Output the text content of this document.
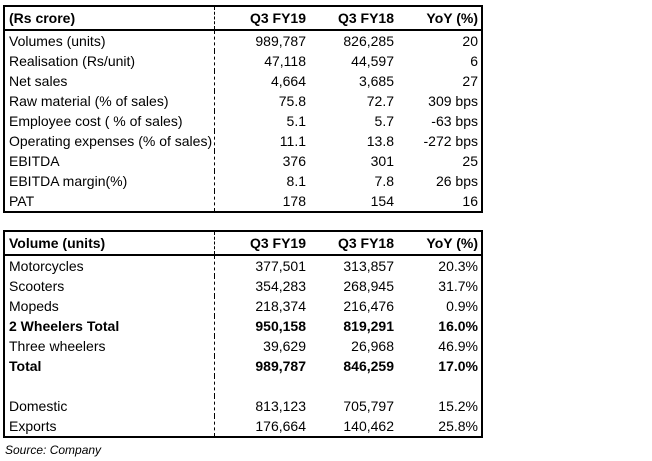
(Rs crore)	Q3 FY19	Q3 FY18	YoY (%)
Volumes (units)	989,787	826,285	20
Realisation (Rs/unit)	47,118	44,597	6
Net sales	4,664	3,685	27
Raw material (% of sales)	75.8	72.7	309 bps
Employee cost ( % of sales)	5.1	5.7	-63 bps
Operating expenses (% of sales)	11.1	13.8	-272 bps
EBITDA	376	301	25
EBITDA margin(%)	8.1	7.8	26 bps
PAT	178	154	16
Volume (units)	Q3 FY19	Q3 FY18	YoY (%)
Motorcycles	377,501	313,857	20.3%
Scooters	354,283	268,945	31.7%
Mopeds	218,374	216,476	0.9%
2 Wheelers Total	950,158	819,291	16.0%
Three wheelers	39,629	26,968	46.9%
Total	989,787	846,259	17.0%

Domestic	813,123	705,797	15.2%
Exports	176,664	140,462	25.8%
Source: Company
